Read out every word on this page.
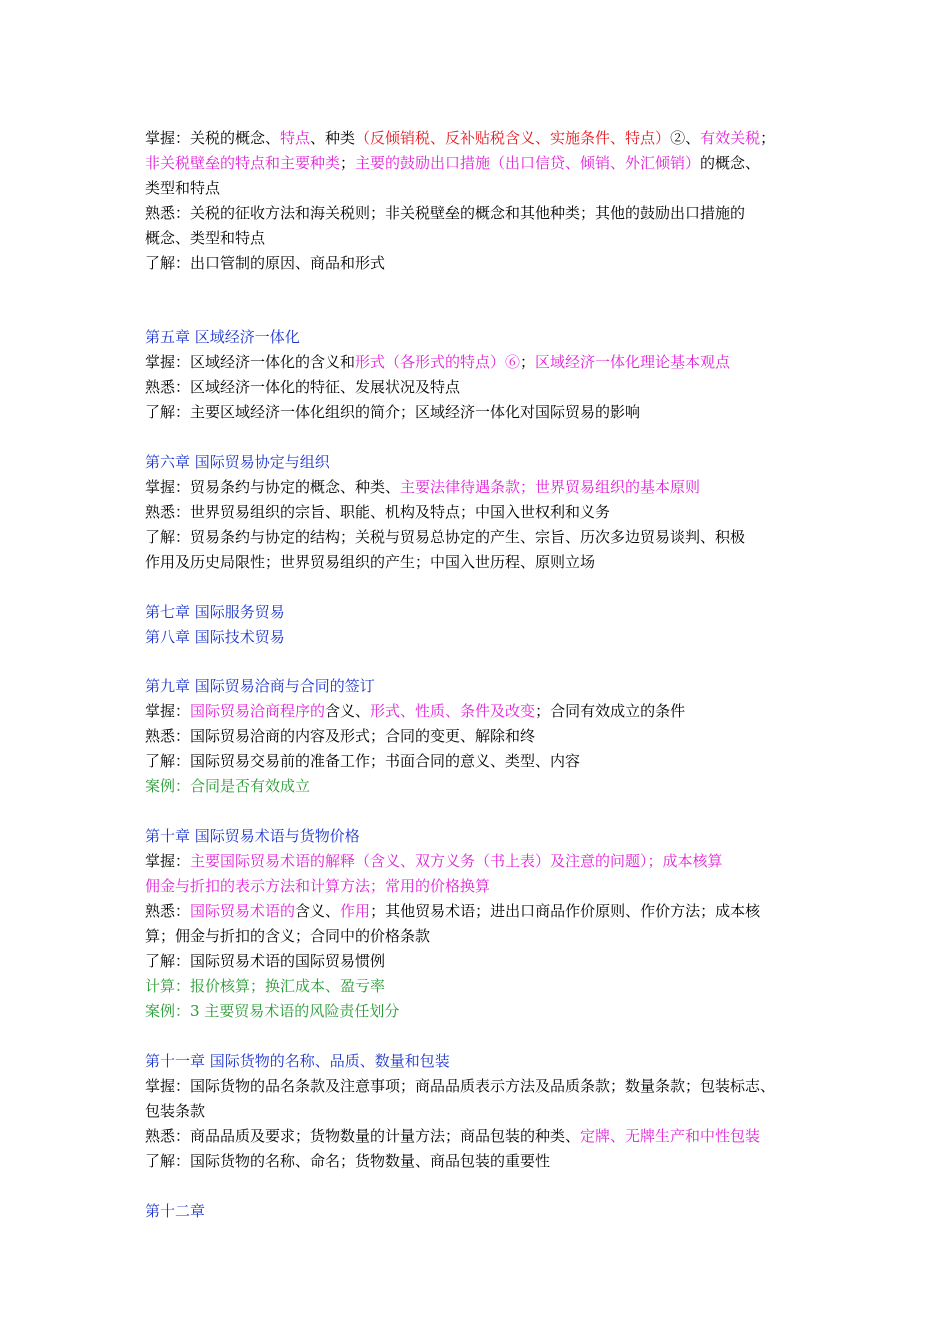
掌握：关税的概念、特点、种类（反倾销税、反补贴税含义、实施条件、特点）②、有效关税；
非关税壁垒的特点和主要种类；主要的鼓励出口措施（出口信贷、倾销、外汇倾销）的概念、
类型和特点
熟悉：关税的征收方法和海关税则；非关税壁垒的概念和其他种类；其他的鼓励出口措施的
概念、类型和特点
了解：出口管制的原因、商品和形式
第五章 区域经济一体化
掌握：区域经济一体化的含义和形式（各形式的特点）⑥；区域经济一体化理论基本观点
熟悉：区域经济一体化的特征、发展状况及特点
了解：主要区域经济一体化组织的简介；区域经济一体化对国际贸易的影响
第六章 国际贸易协定与组织
掌握：贸易条约与协定的概念、种类、主要法律待遇条款；世界贸易组织的基本原则
熟悉：世界贸易组织的宗旨、职能、机构及特点；中国入世权利和义务
了解：贸易条约与协定的结构；关税与贸易总协定的产生、宗旨、历次多边贸易谈判、积极
作用及历史局限性；世界贸易组织的产生；中国入世历程、原则立场
第七章 国际服务贸易
第八章 国际技术贸易
第九章 国际贸易洽商与合同的签订
掌握：国际贸易洽商程序的含义、形式、性质、条件及改变；合同有效成立的条件
熟悉：国际贸易洽商的内容及形式；合同的变更、解除和终
了解：国际贸易交易前的准备工作；书面合同的意义、类型、内容
案例：合同是否有效成立
第十章 国际贸易术语与货物价格
掌握：主要国际贸易术语的解释（含义、双方义务（书上表）及注意的问题）；成本核算
佣金与折扣的表示方法和计算方法；常用的价格换算
熟悉：国际贸易术语的含义、作用；其他贸易术语；进出口商品作价原则、作价方法；成本核
算；佣金与折扣的含义；合同中的价格条款
了解：国际贸易术语的国际贸易惯例
计算：报价核算；换汇成本、盈亏率
案例：3 主要贸易术语的风险责任划分
第十一章 国际货物的名称、品质、数量和包装
掌握：国际货物的品名条款及注意事项；商品品质表示方法及品质条款；数量条款；包装标志、
包装条款
熟悉：商品品质及要求；货物数量的计量方法；商品包装的种类、定牌、无牌生产和中性包装
了解：国际货物的名称、命名；货物数量、商品包装的重要性
第十二章
